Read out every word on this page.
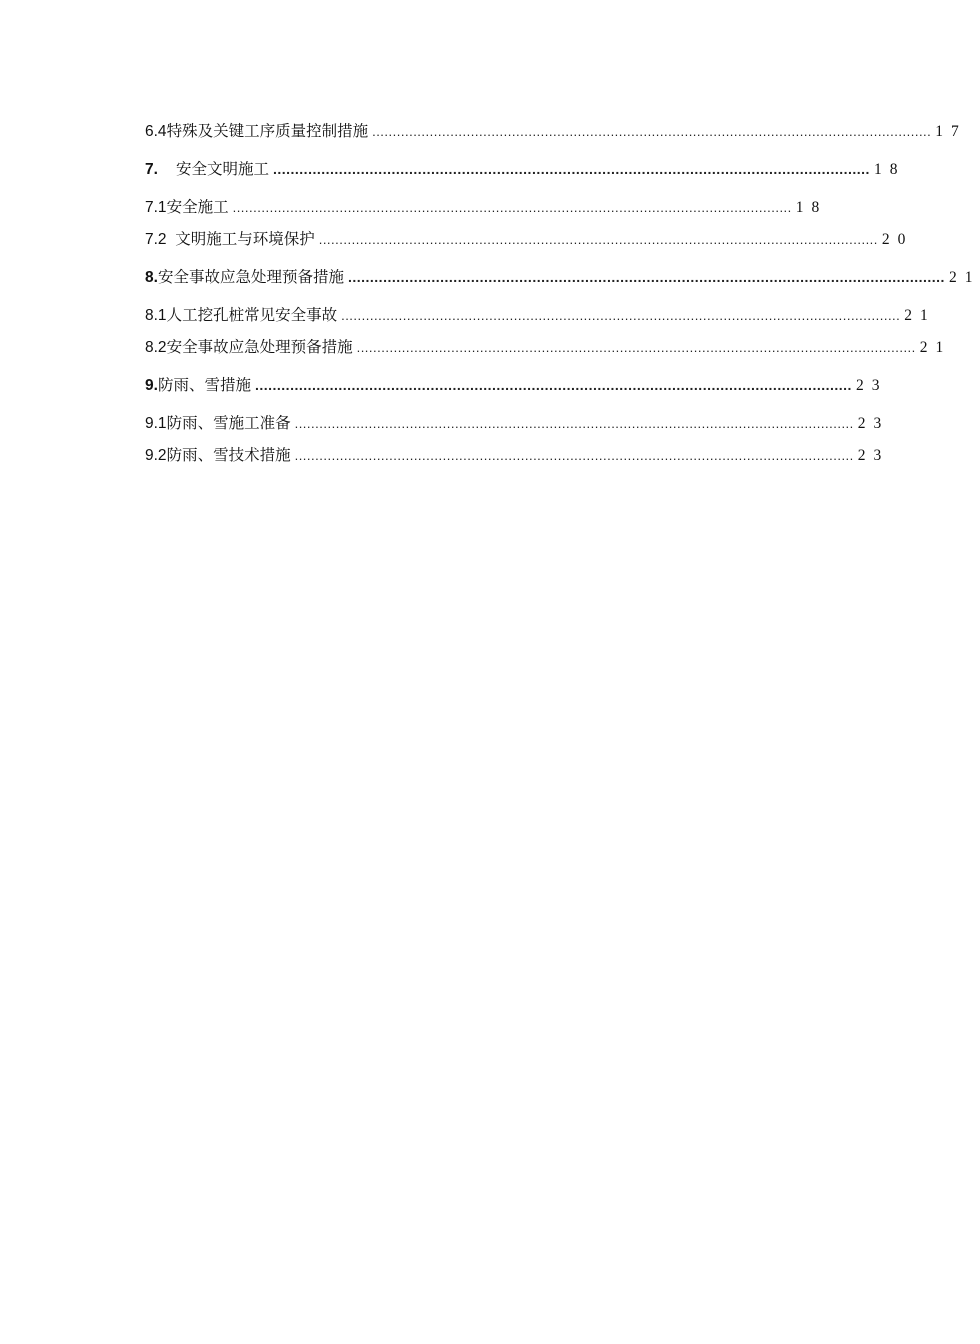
6.4 特殊及关键工序质量控制措施 ........................................................................................................................................ 17
7.	安全文明施工 ........................................................................................................................................ 18
7.1 安全施工 ........................................................................................................................................ 18
7.2 文明施工与环境保护 ........................................................................................................................................ 20
8. 安全事故应急处理预备措施 ........................................................................................................................................ 21
8.1 人工挖孔桩常见安全事故 ........................................................................................................................................ 21
8.2 安全事故应急处理预备措施 ........................................................................................................................................ 21
9. 防雨、雪措施 ........................................................................................................................................ 23
9.1 防雨、雪施工准备 ........................................................................................................................................ 23
9.2 防雨、雪技术措施 ........................................................................................................................................ 23
